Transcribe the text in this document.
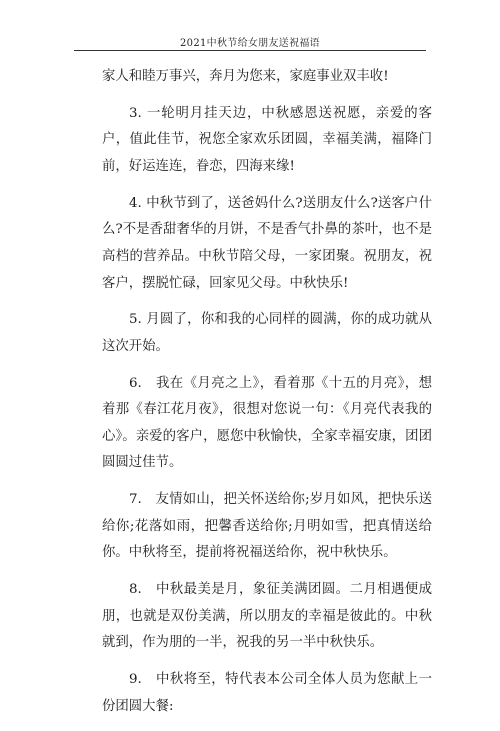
2021中秋节给女朋友送祝福语

家人和睦万事兴，奔月为您来，家庭事业双丰收!

3. 一轮明月挂天边，中秋感恩送祝愿，亲爱的客户，值此佳节，祝您全家欢乐团圆，幸福美满，福降门前，好运连连，眷恋，四海来缘!

4. 中秋节到了，送爸妈什么?送朋友什么?送客户什么?不是香甜奢华的月饼，不是香气扑鼻的茶叶，也不是高档的营养品。中秋节陪父母，一家团聚。祝朋友，祝客户，摆脱忙碌，回家见父母。中秋快乐!

5. 月圆了，你和我的心同样的圆满，你的成功就从这次开始。

6.　我在《月亮之上》，看着那《十五的月亮》，想着那《春江花月夜》，很想对您说一句：《月亮代表我的心》。亲爱的客户，愿您中秋愉快，全家幸福安康，团团圆圆过佳节。

7.　友情如山，把关怀送给你;岁月如风，把快乐送给你;花落如雨，把馨香送给你;月明如雪，把真情送给你。中秋将至，提前将祝福送给你，祝中秋快乐。

8.　中秋最美是月，象征美满团圆。二月相遇便成朋，也就是双份美满，所以朋友的幸福是彼此的。中秋就到，作为朋的一半，祝我的另一半中秋快乐。

9.　中秋将至，特代表本公司全体人员为您献上一份团圆大餐:
